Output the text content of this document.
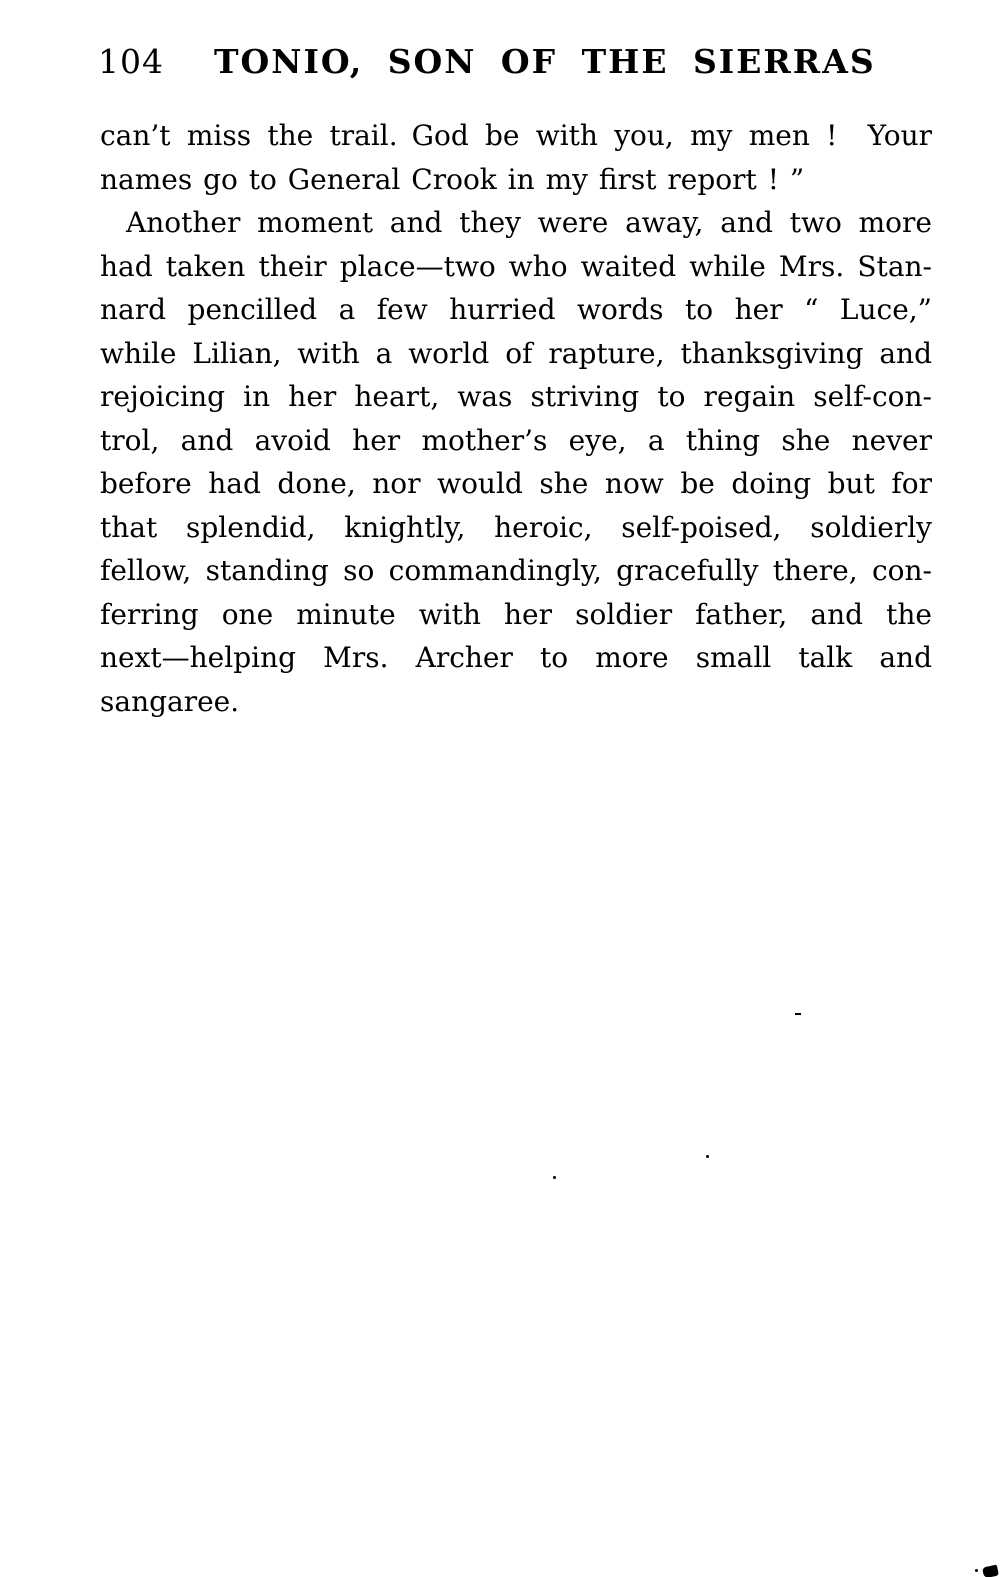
104 TONIO, SON OF THE SIERRAS
can’t miss the trail. God be with you, my men !  Your
names go to General Crook in my first report ! ”
Another moment and they were away, and two more
had taken their place—two who waited while Mrs. Stan-
nard pencilled a few hurried words to her “ Luce,”
while Lilian, with a world of rapture, thanksgiving and
rejoicing in her heart, was striving to regain self-con-
trol, and avoid her mother’s eye, a thing she never
before had done, nor would she now be doing but for
that splendid, knightly, heroic, self-poised, soldierly
fellow, standing so commandingly, gracefully there, con-
ferring one minute with her soldier father, and the
next—helping Mrs. Archer to more small talk and
sangaree.
